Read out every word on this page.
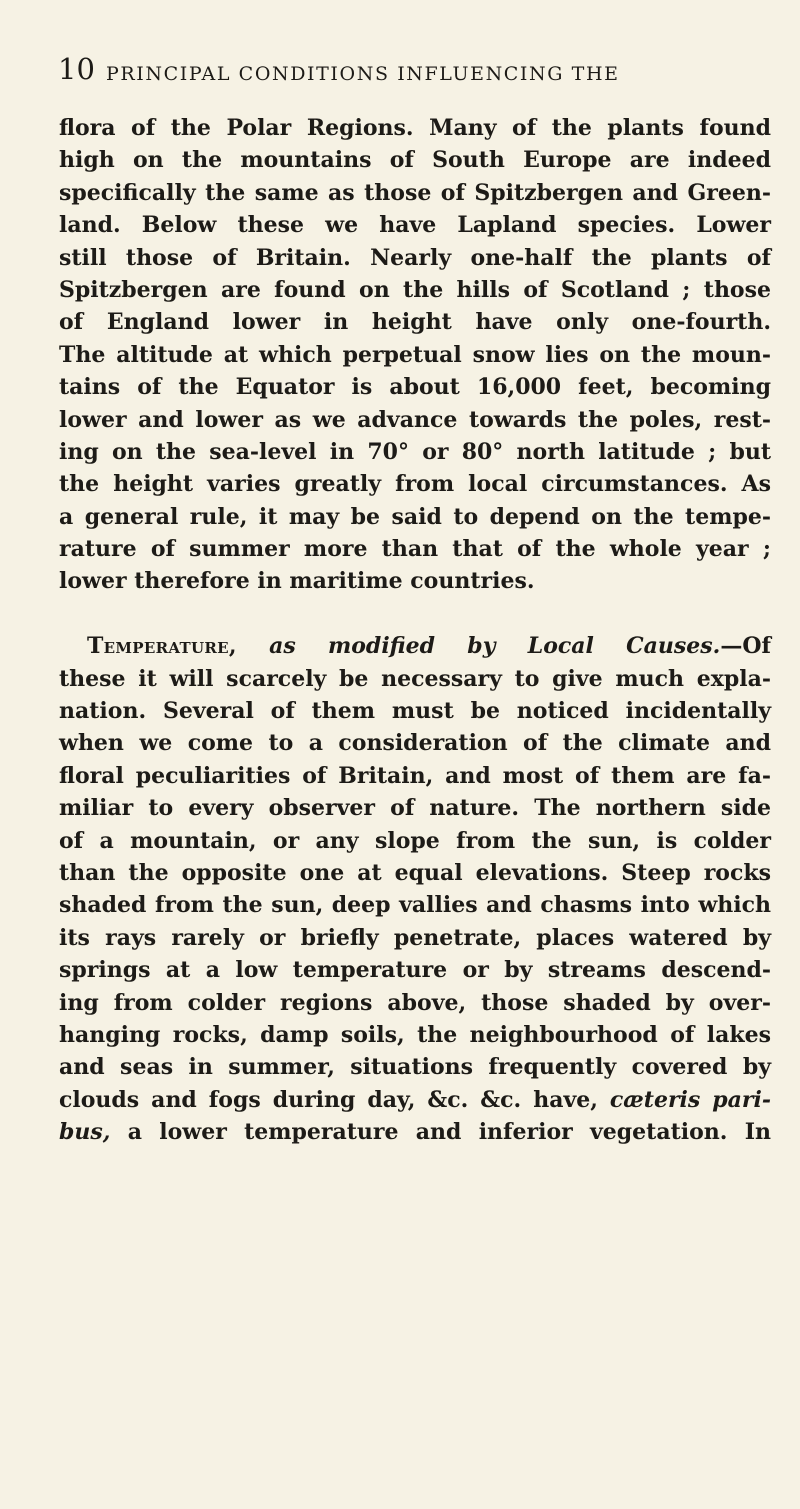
10 PRINCIPAL CONDITIONS INFLUENCING THE
flora of the Polar Regions. Many of the plants found
high on the mountains of South Europe are indeed
specifically the same as those of Spitzbergen and Green-
land. Below these we have Lapland species. Lower
still those of Britain. Nearly one-half the plants of
Spitzbergen are found on the hills of Scotland ; those
of England lower in height have only one-fourth.
The altitude at which perpetual snow lies on the moun-
tains of the Equator is about 16,000 feet, becoming
lower and lower as we advance towards the poles, rest-
ing on the sea-level in 70° or 80° north latitude ; but
the height varies greatly from local circumstances. As
a general rule, it may be said to depend on the tempe-
rature of summer more than that of the whole year ;
lower therefore in maritime countries.
Temperature, as modified by Local Causes.—Of
these it will scarcely be necessary to give much expla-
nation. Several of them must be noticed incidentally
when we come to a consideration of the climate and
floral peculiarities of Britain, and most of them are fa-
miliar to every observer of nature. The northern side
of a mountain, or any slope from the sun, is colder
than the opposite one at equal elevations. Steep rocks
shaded from the sun, deep vallies and chasms into which
its rays rarely or briefly penetrate, places watered by
springs at a low temperature or by streams descend-
ing from colder regions above, those shaded by over-
hanging rocks, damp soils, the neighbourhood of lakes
and seas in summer, situations frequently covered by
clouds and fogs during day, &c. &c. have, cæteris pari-
bus, a lower temperature and inferior vegetation. In
